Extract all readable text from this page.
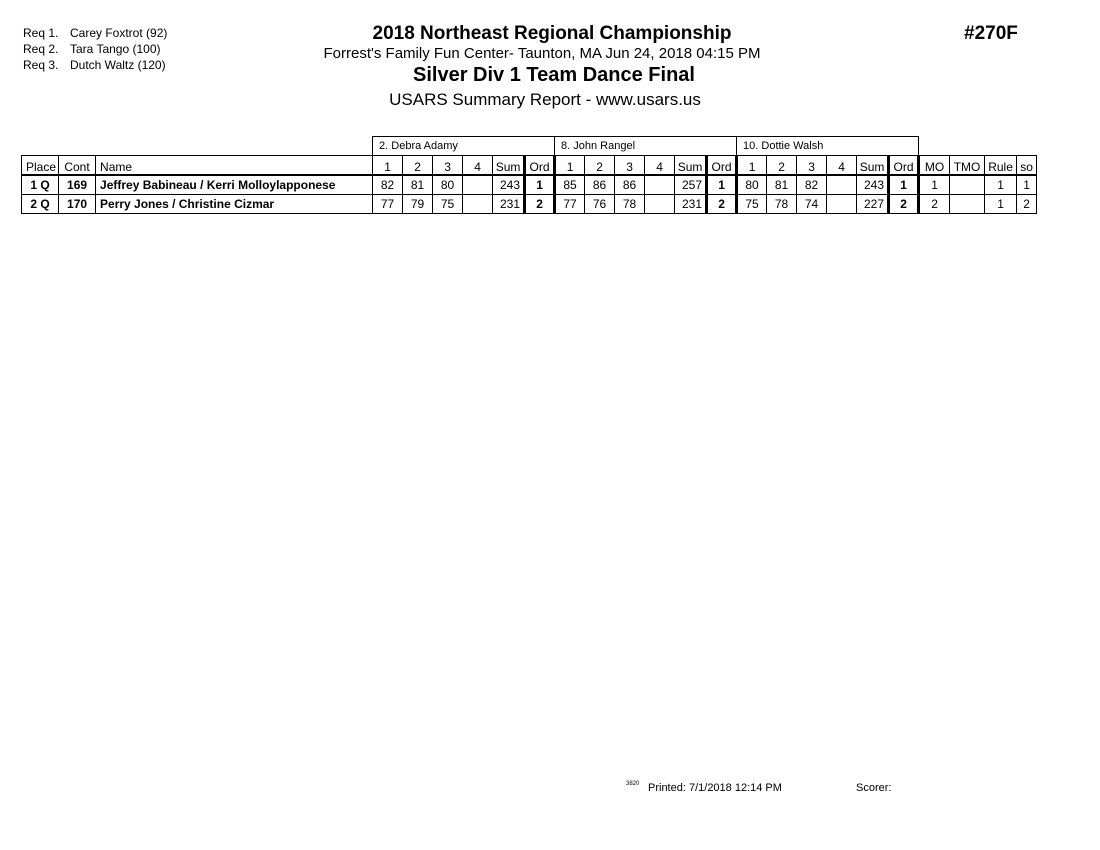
Req 1. Carey Foxtrot (92)
Req 2. Tara Tango (100)
Req 3. Dutch Waltz (120)
2018 Northeast Regional Championship
Forrest's Family Fun Center- Taunton, MA Jun 24, 2018 04:15 PM
Silver Div 1 Team Dance Final
USARS Summary Report - www.usars.us
#270F
			2. Debra Adamy						8. John Rangel						10. Dottie Walsh									
Place	Cont	Name	1	2	3	4	Sum	Ord	1	2	3	4	Sum	Ord	1	2	3	4	Sum	Ord	MO	TMO	Rule	so
1 Q	169	Jeffrey Babineau / Kerri Molloylapponese	82	81	80		243	1	85	86	86		257	1	80	81	82		243	1	1		1	1
2 Q	170	Perry Jones / Christine Cizmar	77	79	75		231	2	77	76	78		231	2	75	78	74		227	2	2		1	2
3820 Printed: 7/1/2018 12:14 PM	Scorer:
